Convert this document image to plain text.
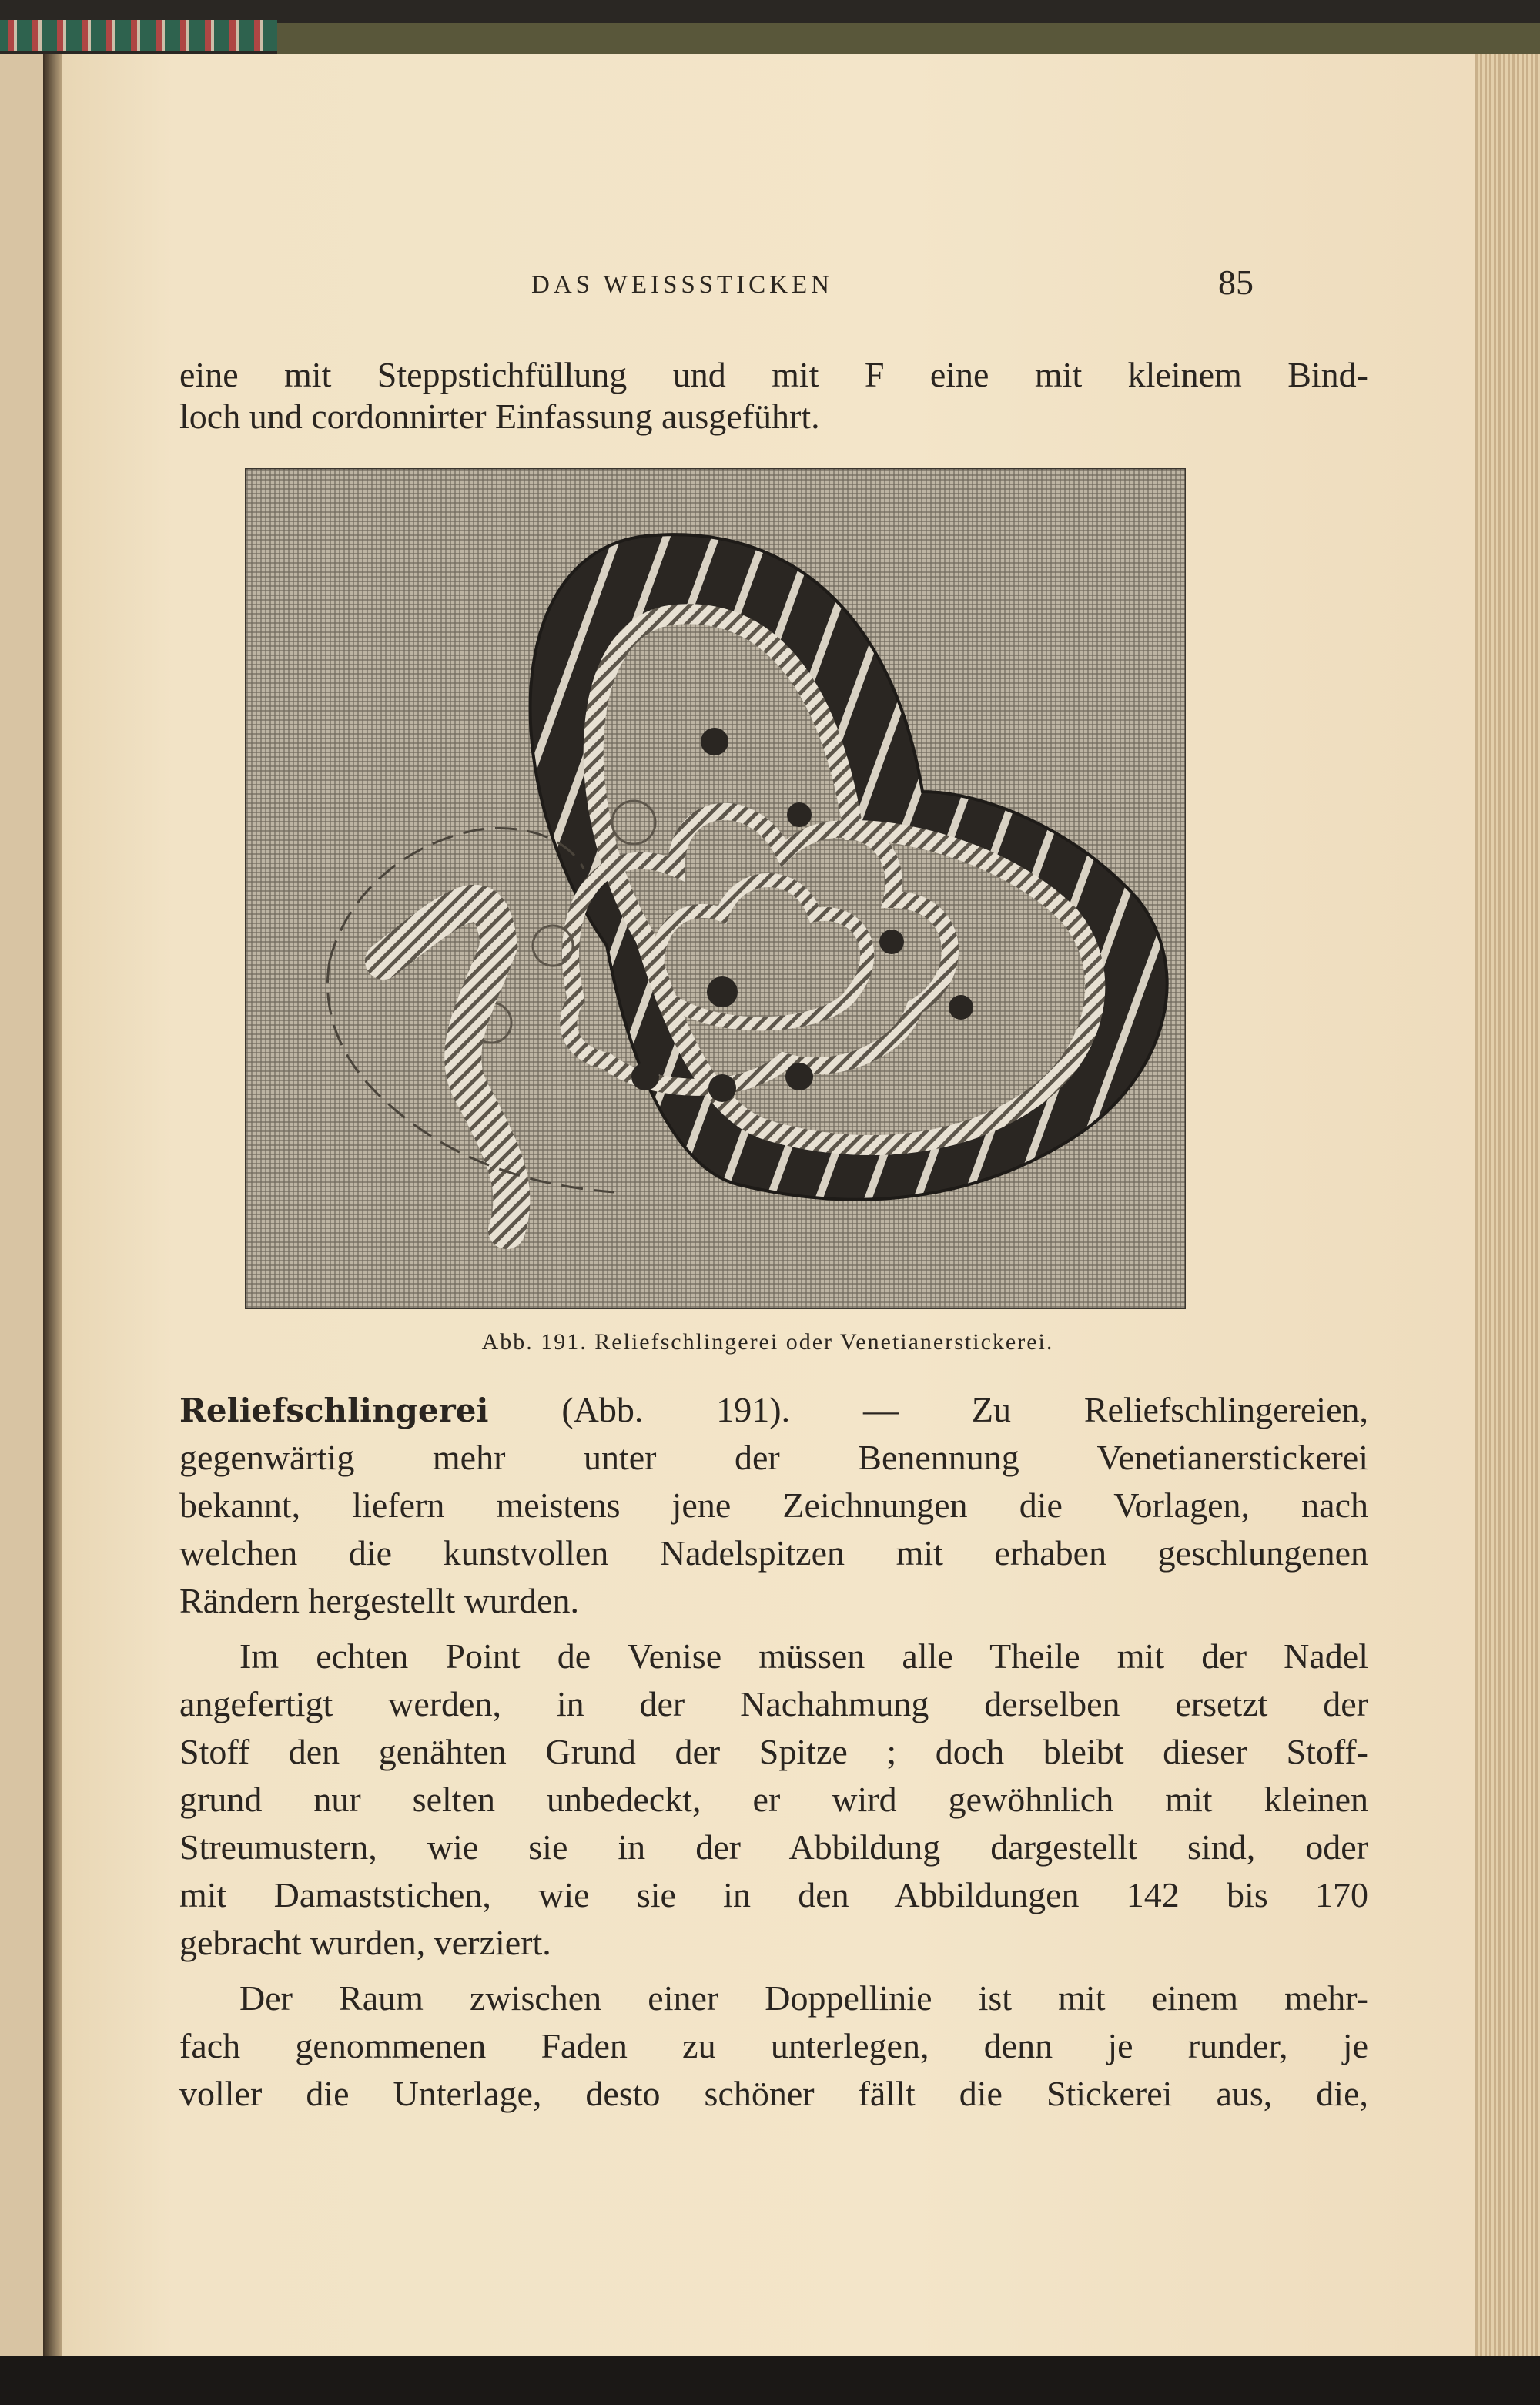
DAS WEISSSTICKEN	85
eine mit Steppstichfüllung und mit F eine mit kleinem Bind-
loch und cordonnirter Einfassung ausgeführt.
Abb. 191. Reliefschlingerei oder Venetianerstickerei.
Reliefschlingerei (Abb. 191). — Zu Reliefschlingereien,
gegenwärtig mehr unter der Benennung Venetianerstickerei
bekannt, liefern meistens jene Zeichnungen die Vorlagen, nach
welchen die kunstvollen Nadelspitzen mit erhaben geschlungenen
Rändern hergestellt wurden.
Im echten Point de Venise müssen alle Theile mit der Nadel
angefertigt werden, in der Nachahmung derselben ersetzt der
Stoff den genähten Grund der Spitze ; doch bleibt dieser Stoff-
grund nur selten unbedeckt, er wird gewöhnlich mit kleinen
Streumustern, wie sie in der Abbildung dargestellt sind, oder
mit Damaststichen, wie sie in den Abbildungen 142 bis 170
gebracht wurden, verziert.
Der Raum zwischen einer Doppellinie ist mit einem mehr-
fach genommenen Faden zu unterlegen, denn je runder, je
voller die Unterlage, desto schöner fällt die Stickerei aus, die,
